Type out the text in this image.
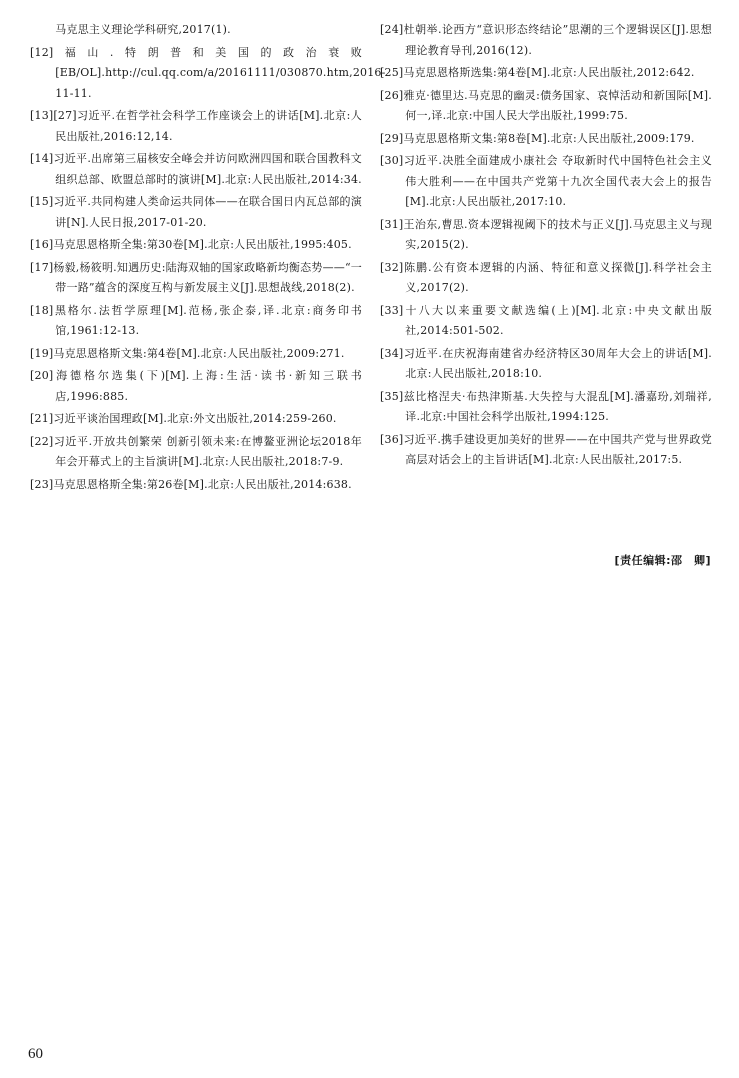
马克思主义理论学科研究,2017(1).

[12]福山.特朗普和美国的政治衰败[EB/OL].http://cul.qq.com/a/20161111/030870.htm,2016-11-11.

[13][27]习近平.在哲学社会科学工作座谈会上的讲话[M].北京:人民出版社,2016:12,14.

[14]习近平.出席第三届核安全峰会并访问欧洲四国和联合国教科文组织总部、欧盟总部时的演讲[M].北京:人民出版社,2014:34.

[15]习近平.共同构建人类命运共同体——在联合国日内瓦总部的演讲[N].人民日报,2017-01-20.

[16]马克思恩格斯全集:第30卷[M].北京:人民出版社,1995:405.

[17]杨毅,杨筱明.知遇历史:陆海双轴的国家政略新均衡态势——“一带一路”蕴含的深度互构与新发展主义[J].思想战线,2018(2).

[18]黑格尔.法哲学原理[M].范杨,张企泰,译.北京:商务印书馆,1961:12-13.

[19]马克思恩格斯文集:第4卷[M].北京:人民出版社,2009:271.

[20]海德格尔选集(下)[M].上海:生活·读书·新知三联书店,1996:885.

[21]习近平谈治国理政[M].北京:外文出版社,2014:259-260.

[22]习近平.开放共创繁荣 创新引领未来:在博鳌亚洲论坛2018年年会开幕式上的主旨演讲[M].北京:人民出版社,2018:7-9.

[23]马克思恩格斯全集:第26卷[M].北京:人民出版社,2014:638.

[24]杜朝举.论西方“意识形态终结论”思潮的三个逻辑误区[J].思想理论教育导刊,2016(12).

[25]马克思恩格斯选集:第4卷[M].北京:人民出版社,2012:642.

[26]雅克·德里达.马克思的幽灵:债务国家、哀悼活动和新国际[M].何一,译.北京:中国人民大学出版社,1999:75.

[29]马克思恩格斯文集:第8卷[M].北京:人民出版社,2009:179.

[30]习近平.决胜全面建成小康社会 夺取新时代中国特色社会主义伟大胜利——在中国共产党第十九次全国代表大会上的报告[M].北京:人民出版社,2017:10.

[31]王治东,曹思.资本逻辑视阈下的技术与正义[J].马克思主义与现实,2015(2).

[32]陈鹏.公有资本逻辑的内涵、特征和意义探微[J].科学社会主义,2017(2).

[33]十八大以来重要文献选编(上)[M].北京:中央文献出版社,2014:501-502.

[34]习近平.在庆祝海南建省办经济特区30周年大会上的讲话[M].北京:人民出版社,2018:10.

[35]兹比格涅夫·布热津斯基.大失控与大混乱[M].潘嘉玢,刘瑞祥,译.北京:中国社会科学出版社,1994:125.

[36]习近平.携手建设更加美好的世界——在中国共产党与世界政党高层对话会上的主旨讲话[M].北京:人民出版社,2017:5.

[责任编辑:邵　卿]
60
